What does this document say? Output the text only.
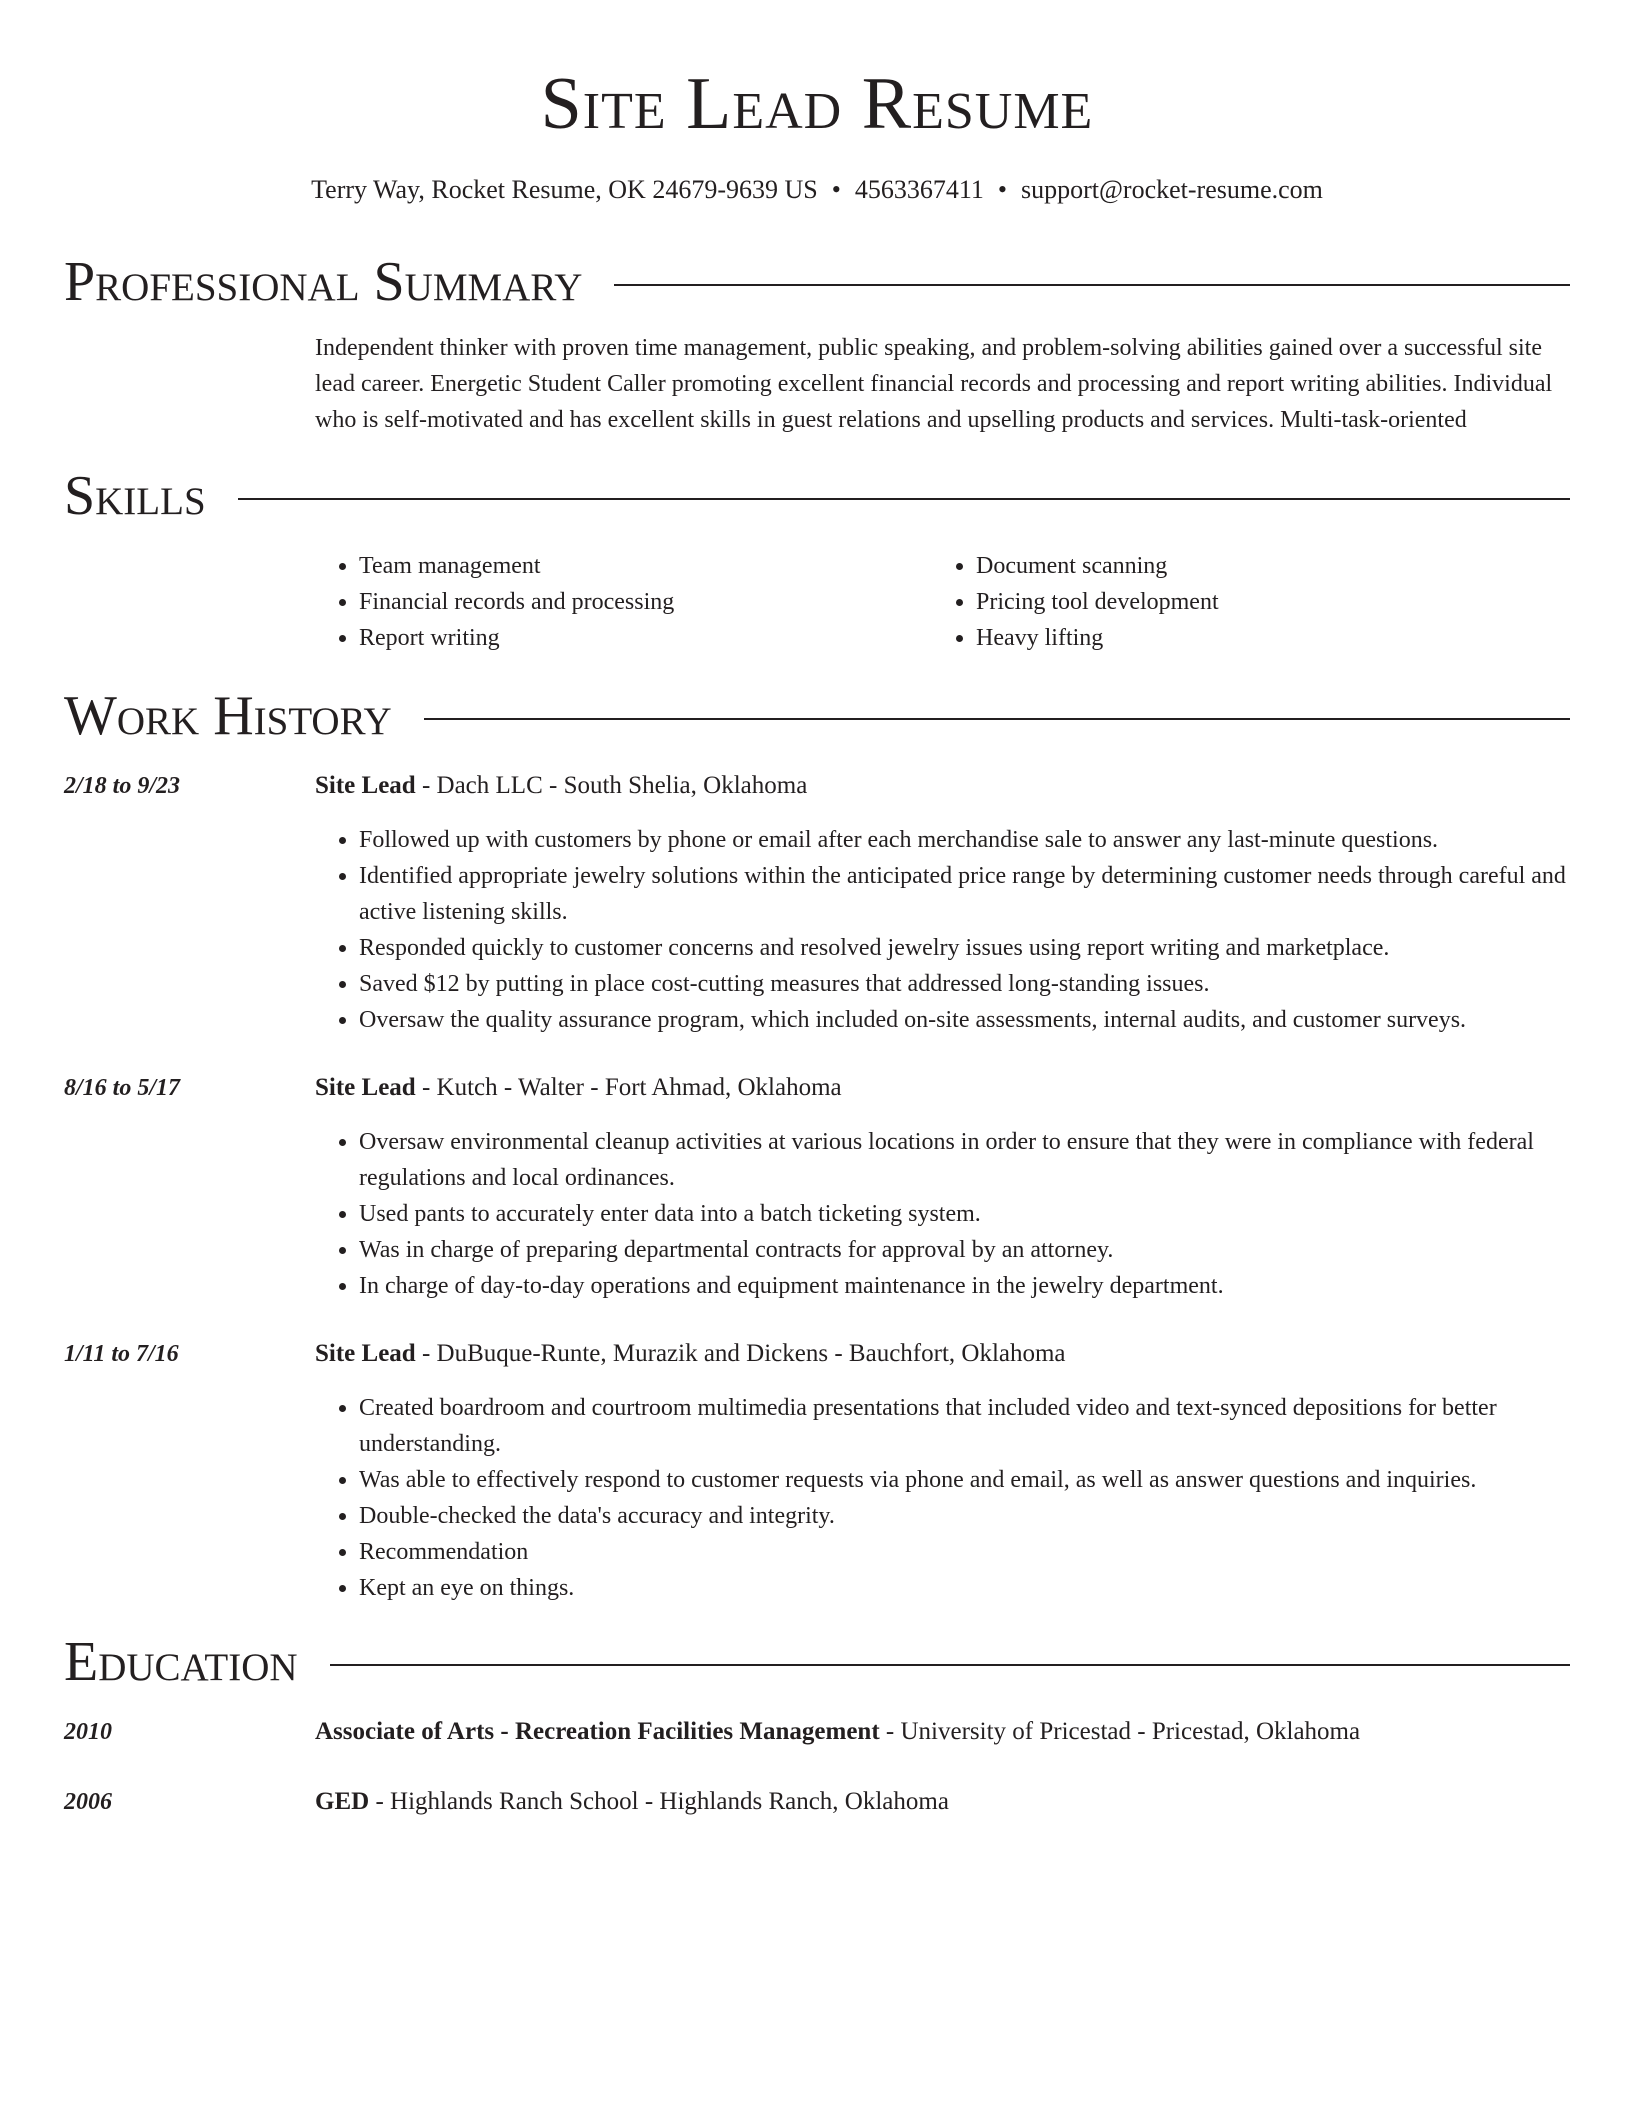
Site Lead Resume
Terry Way, Rocket Resume, OK 24679-9639 US • 4563367411 • support@rocket-resume.com
Professional Summary
Independent thinker with proven time management, public speaking, and problem-solving abilities gained over a successful site lead career. Energetic Student Caller promoting excellent financial records and processing and report writing abilities. Individual who is self-motivated and has excellent skills in guest relations and upselling products and services. Multi-task-oriented
Skills
• Team management
• Financial records and processing
• Report writing
• Document scanning
• Pricing tool development
• Heavy lifting
Work History
2/18 to 9/23	Site Lead - Dach LLC - South Shelia, Oklahoma
• Followed up with customers by phone or email after each merchandise sale to answer any last-minute questions.
• Identified appropriate jewelry solutions within the anticipated price range by determining customer needs through careful and active listening skills.
• Responded quickly to customer concerns and resolved jewelry issues using report writing and marketplace.
• Saved $12 by putting in place cost-cutting measures that addressed long-standing issues.
• Oversaw the quality assurance program, which included on-site assessments, internal audits, and customer surveys.
8/16 to 5/17	Site Lead - Kutch - Walter - Fort Ahmad, Oklahoma
• Oversaw environmental cleanup activities at various locations in order to ensure that they were in compliance with federal regulations and local ordinances.
• Used pants to accurately enter data into a batch ticketing system.
• Was in charge of preparing departmental contracts for approval by an attorney.
• In charge of day-to-day operations and equipment maintenance in the jewelry department.
1/11 to 7/16	Site Lead - DuBuque-Runte, Murazik and Dickens - Bauchfort, Oklahoma
• Created boardroom and courtroom multimedia presentations that included video and text-synced depositions for better understanding.
• Was able to effectively respond to customer requests via phone and email, as well as answer questions and inquiries.
• Double-checked the data's accuracy and integrity.
• Recommendation
• Kept an eye on things.
Education
2010	Associate of Arts - Recreation Facilities Management - University of Pricestad - Pricestad, Oklahoma
2006	GED - Highlands Ranch School - Highlands Ranch, Oklahoma
